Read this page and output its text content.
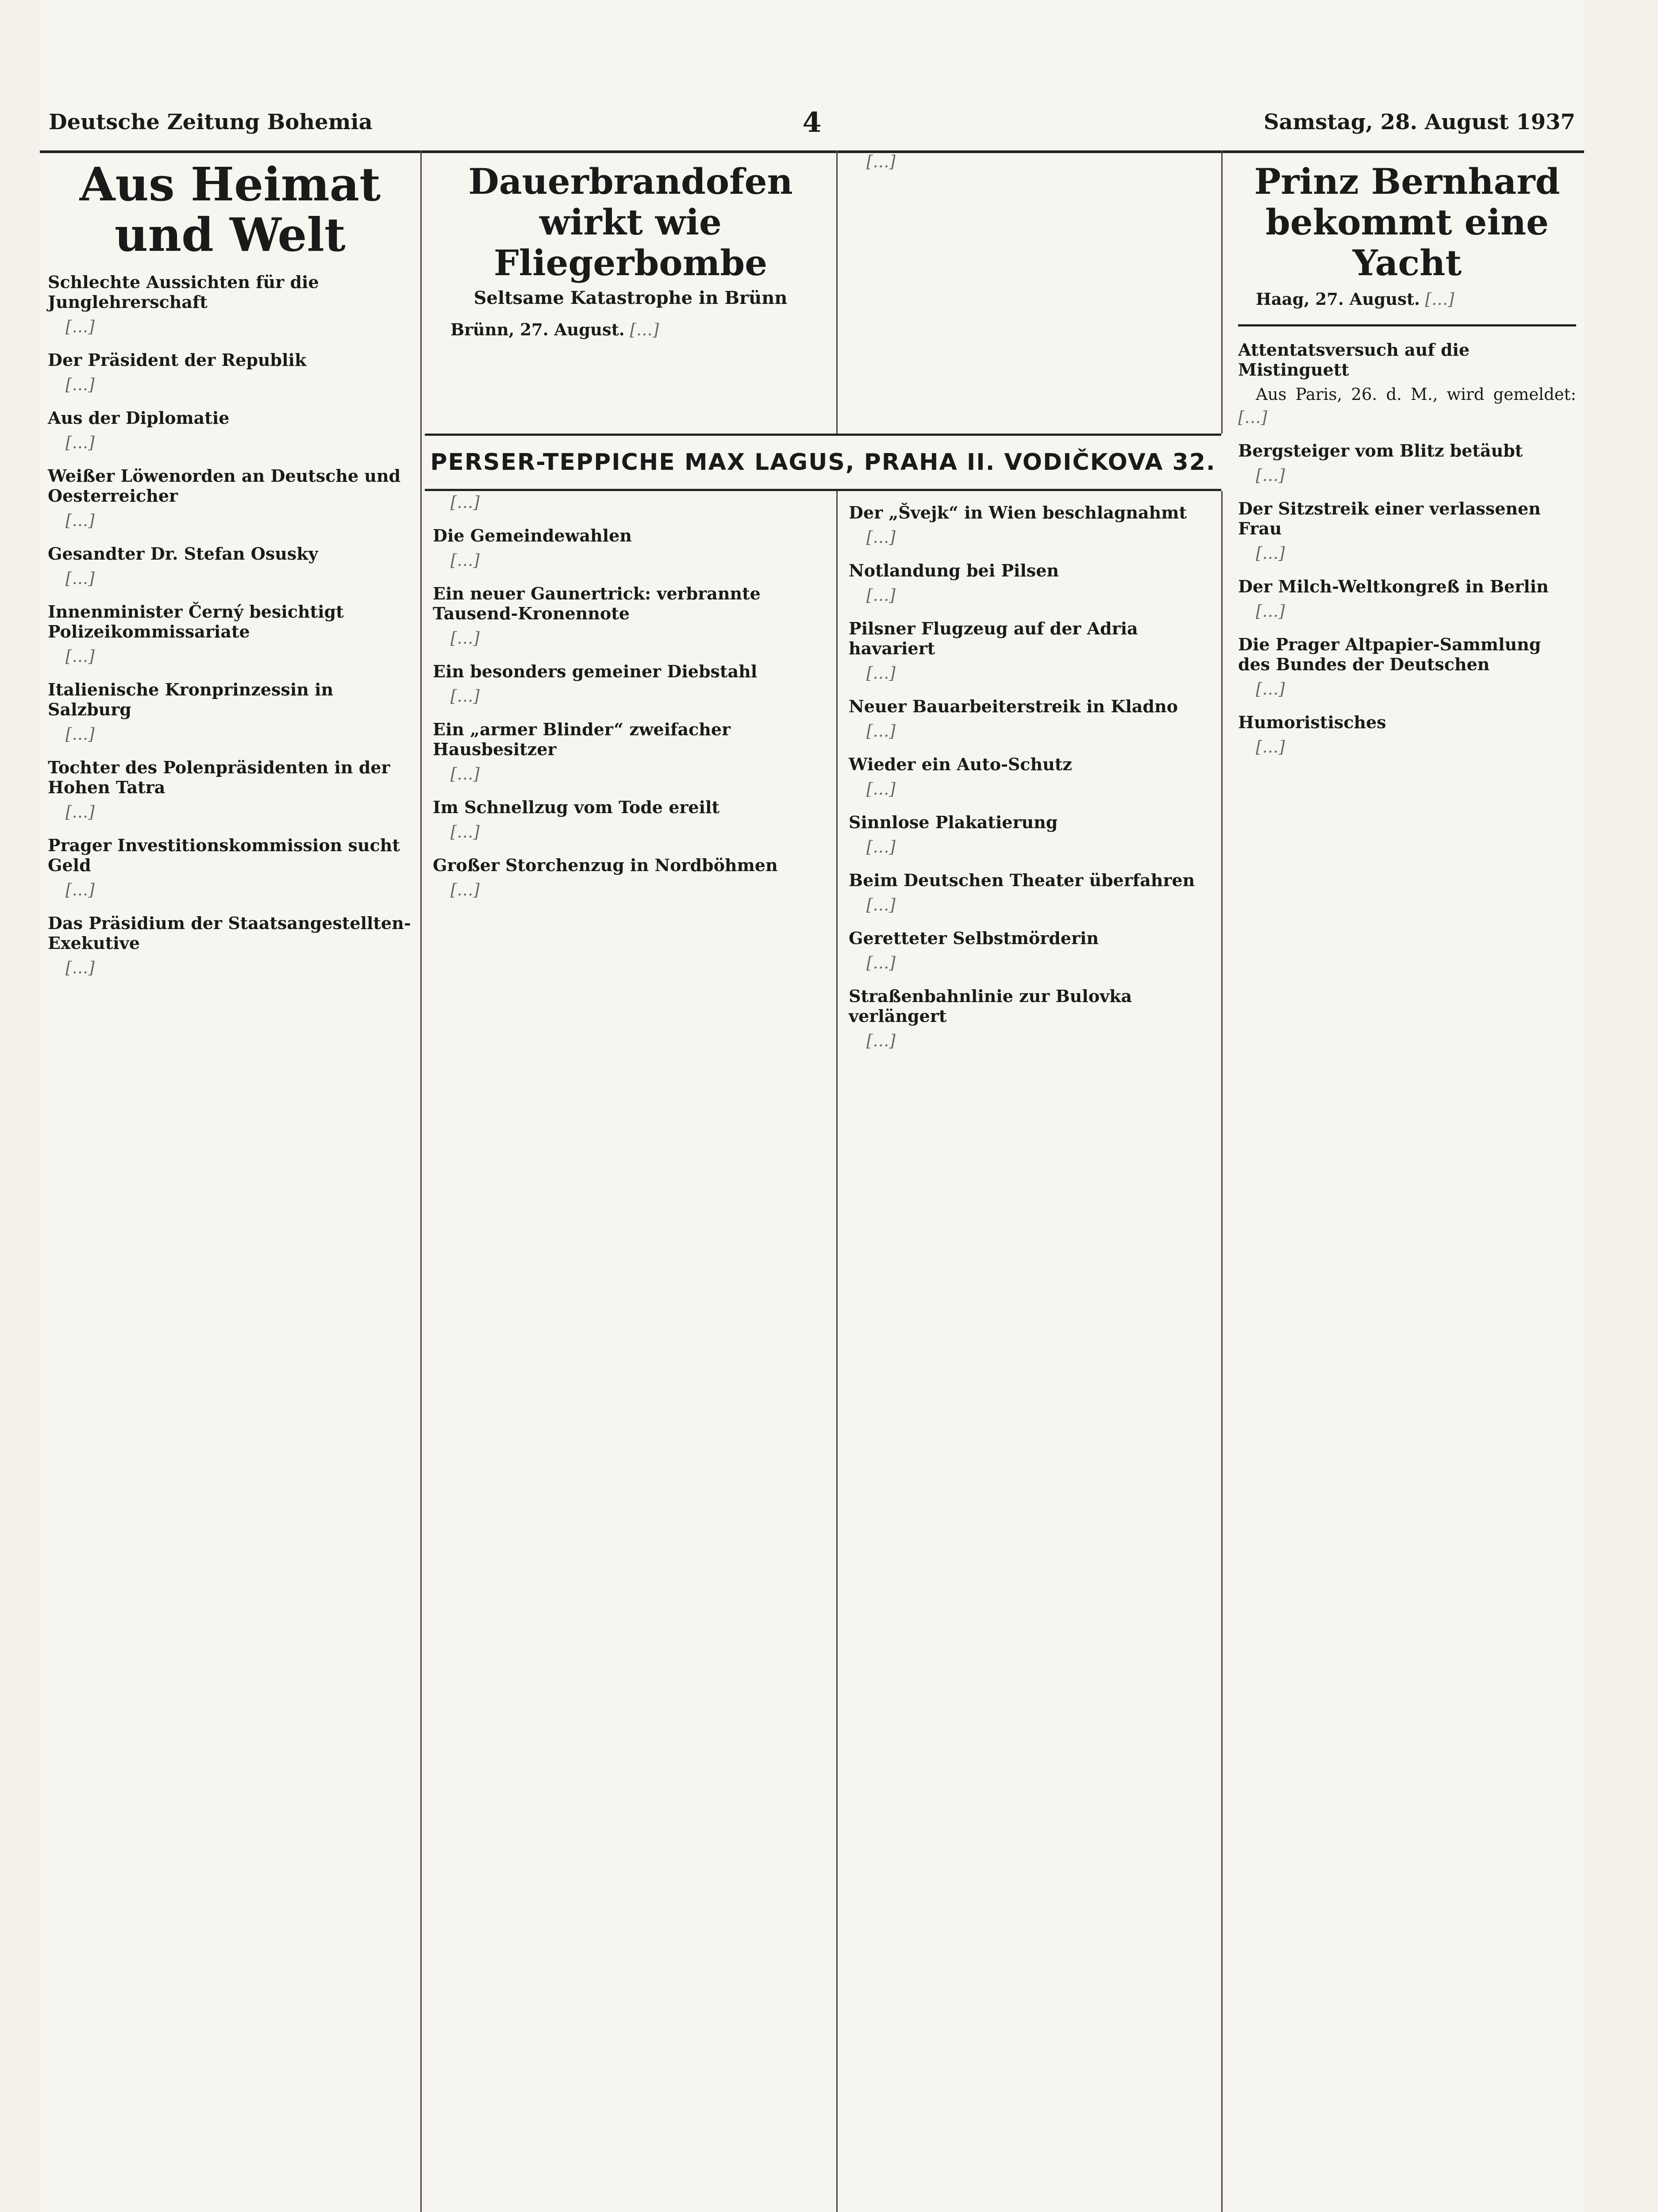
Deutsche Zeitung Bohemia	4	Samstag, 28. August 1937
Aus Heimat und Welt
Schlechte Aussichten für die Junglehrerschaft

[…]

Der Präsident der Republik

[…]

Aus der Diplomatie

[…]

Weißer Löwenorden an Deutsche und Oesterreicher

[…]

Gesandter Dr. Stefan Osusky

[…]

Innenminister Černý besichtigt Polizeikommissariate

[…]

Italienische Kronprinzessin in Salzburg

[…]

Tochter des Polenpräsidenten in der Hohen Tatra

[…]

Prager Investitionskommission sucht Geld

[…]

Das Präsidium der Staatsangestellten-Exekutive

[…]

Dauerbrandofen wirkt wie Fliegerbombe
Seltsame Katastrophe in Brünn

Brünn, 27. August. […]

[…]

PERSER-TEPPICHE MAX LAGUS, PRAHA II. VODIČKOVA 32.

[…]

Die Gemeindewahlen

[…]

Ein neuer Gaunertrick: verbrannte Tausend-Kronennote

[…]

Ein besonders gemeiner Diebstahl

[…]

Ein „armer Blinder“ zweifacher Hausbesitzer

[…]

Im Schnellzug vom Tode ereilt

[…]

Großer Storchenzug in Nordböhmen

[…]

Der „Švejk“ in Wien beschlagnahmt

[…]

Notlandung bei Pilsen

[…]

Pilsner Flugzeug auf der Adria havariert

[…]

Neuer Bauarbeiterstreik in Kladno

[…]

Wieder ein Auto-Schutz

[…]

Sinnlose Plakatierung

[…]

Beim Deutschen Theater überfahren

[…]

Geretteter Selbstmörderin

[…]

Straßenbahnlinie zur Bulovka verlängert

[…]

Prinz Bernhard bekommt eine Yacht

Haag, 27. August. […]

Attentatsversuch auf die Mistinguett

Aus Paris, 26. d. M., wird gemeldet: […]

Bergsteiger vom Blitz betäubt

[…]

Der Sitzstreik einer verlassenen Frau

[…]

Der Milch-Weltkongreß in Berlin

[…]

Die Prager Altpapier-Sammlung des Bundes der Deutschen

[…]

Humoristisches

[…]
